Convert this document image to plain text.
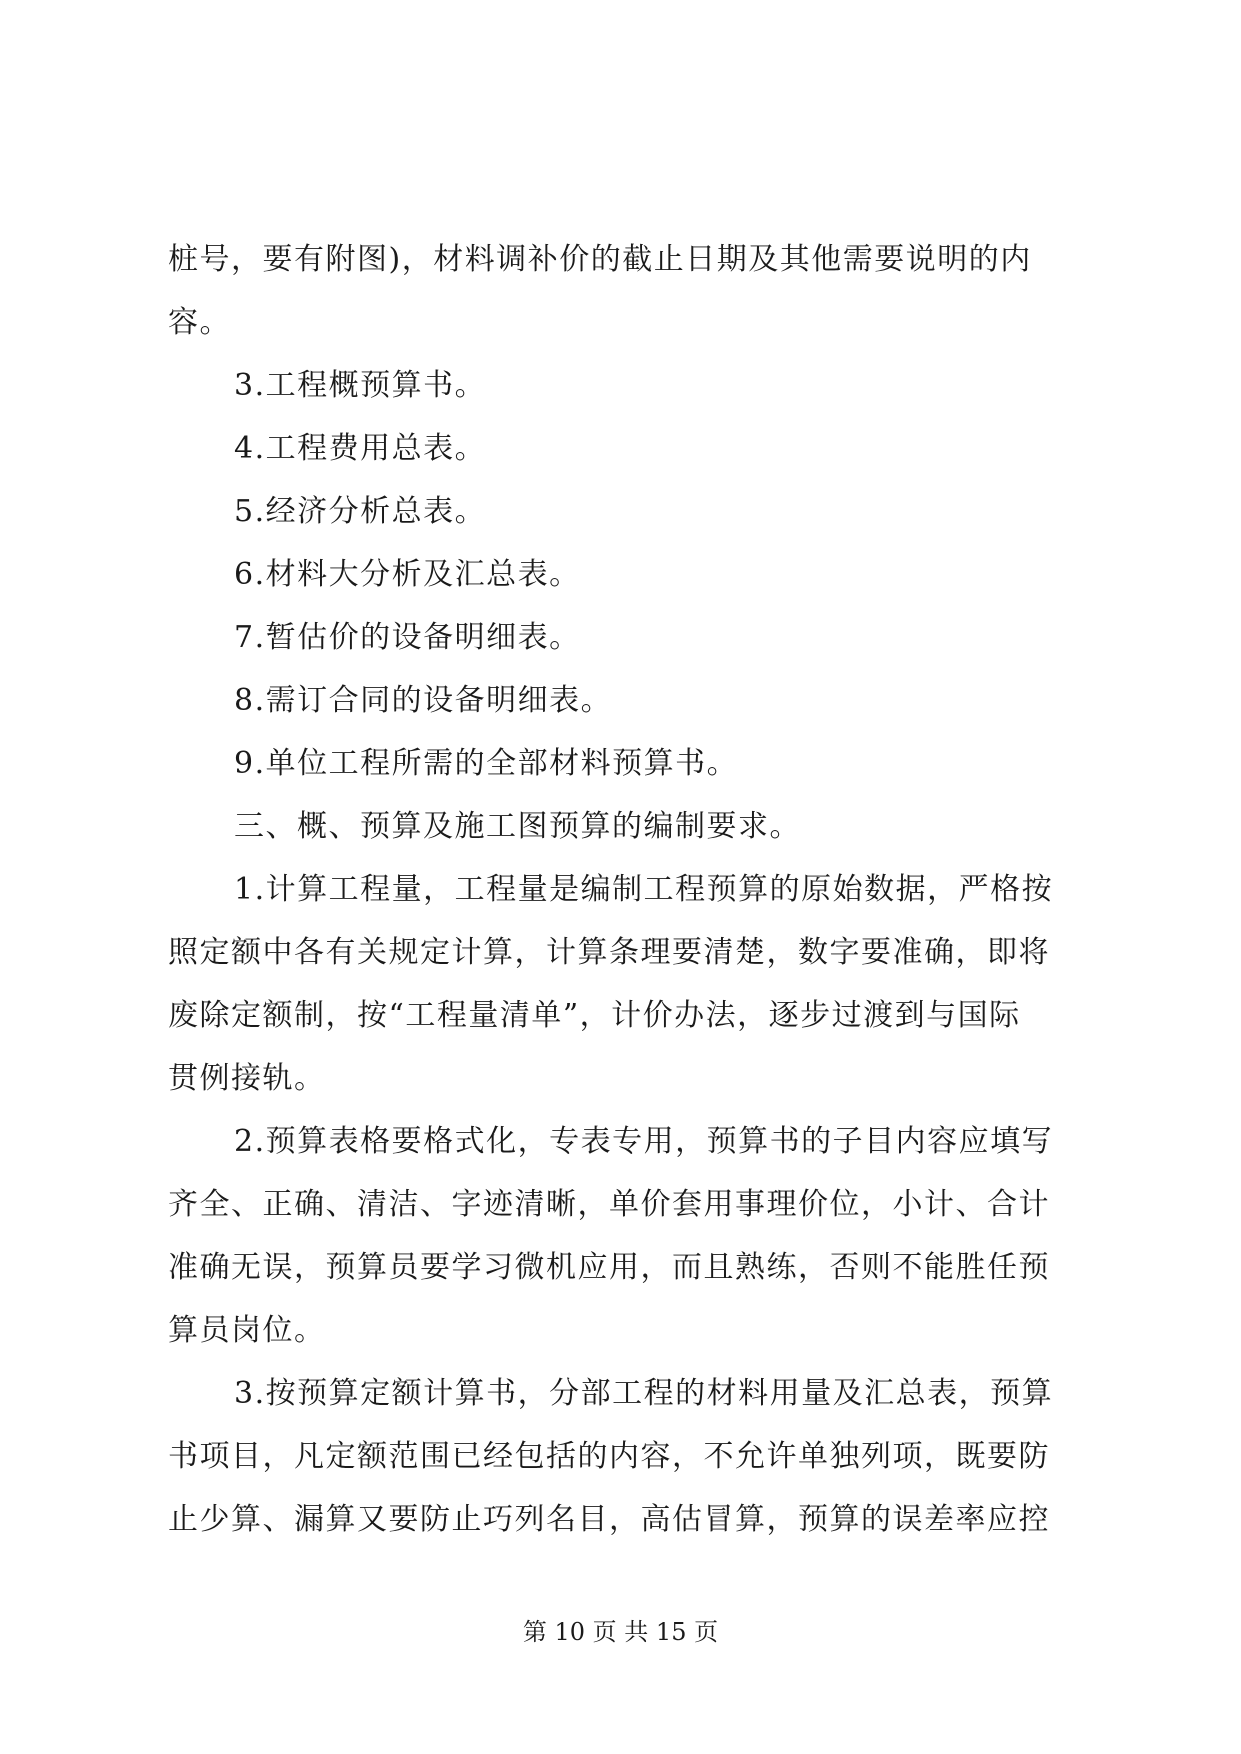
桩号，要有附图)，材料调补价的截止日期及其他需要说明的内
容。
3.工程概预算书。
4.工程费用总表。
5.经济分析总表。
6.材料大分析及汇总表。
7.暂估价的设备明细表。
8.需订合同的设备明细表。
9.单位工程所需的全部材料预算书。
三、概、预算及施工图预算的编制要求。
1.计算工程量，工程量是编制工程预算的原始数据，严格按
照定额中各有关规定计算，计算条理要清楚，数字要准确，即将
废除定额制，按“工程量清单”，计价办法，逐步过渡到与国际
贯例接轨。
2.预算表格要格式化，专表专用，预算书的子目内容应填写
齐全、正确、清洁、字迹清晰，单价套用事理价位，小计、合计
准确无误，预算员要学习微机应用，而且熟练，否则不能胜任预
算员岗位。
3.按预算定额计算书，分部工程的材料用量及汇总表，预算
书项目，凡定额范围已经包括的内容，不允许单独列项，既要防
止少算、漏算又要防止巧列名目，高估冒算，预算的误差率应控
第 10 页 共 15 页
